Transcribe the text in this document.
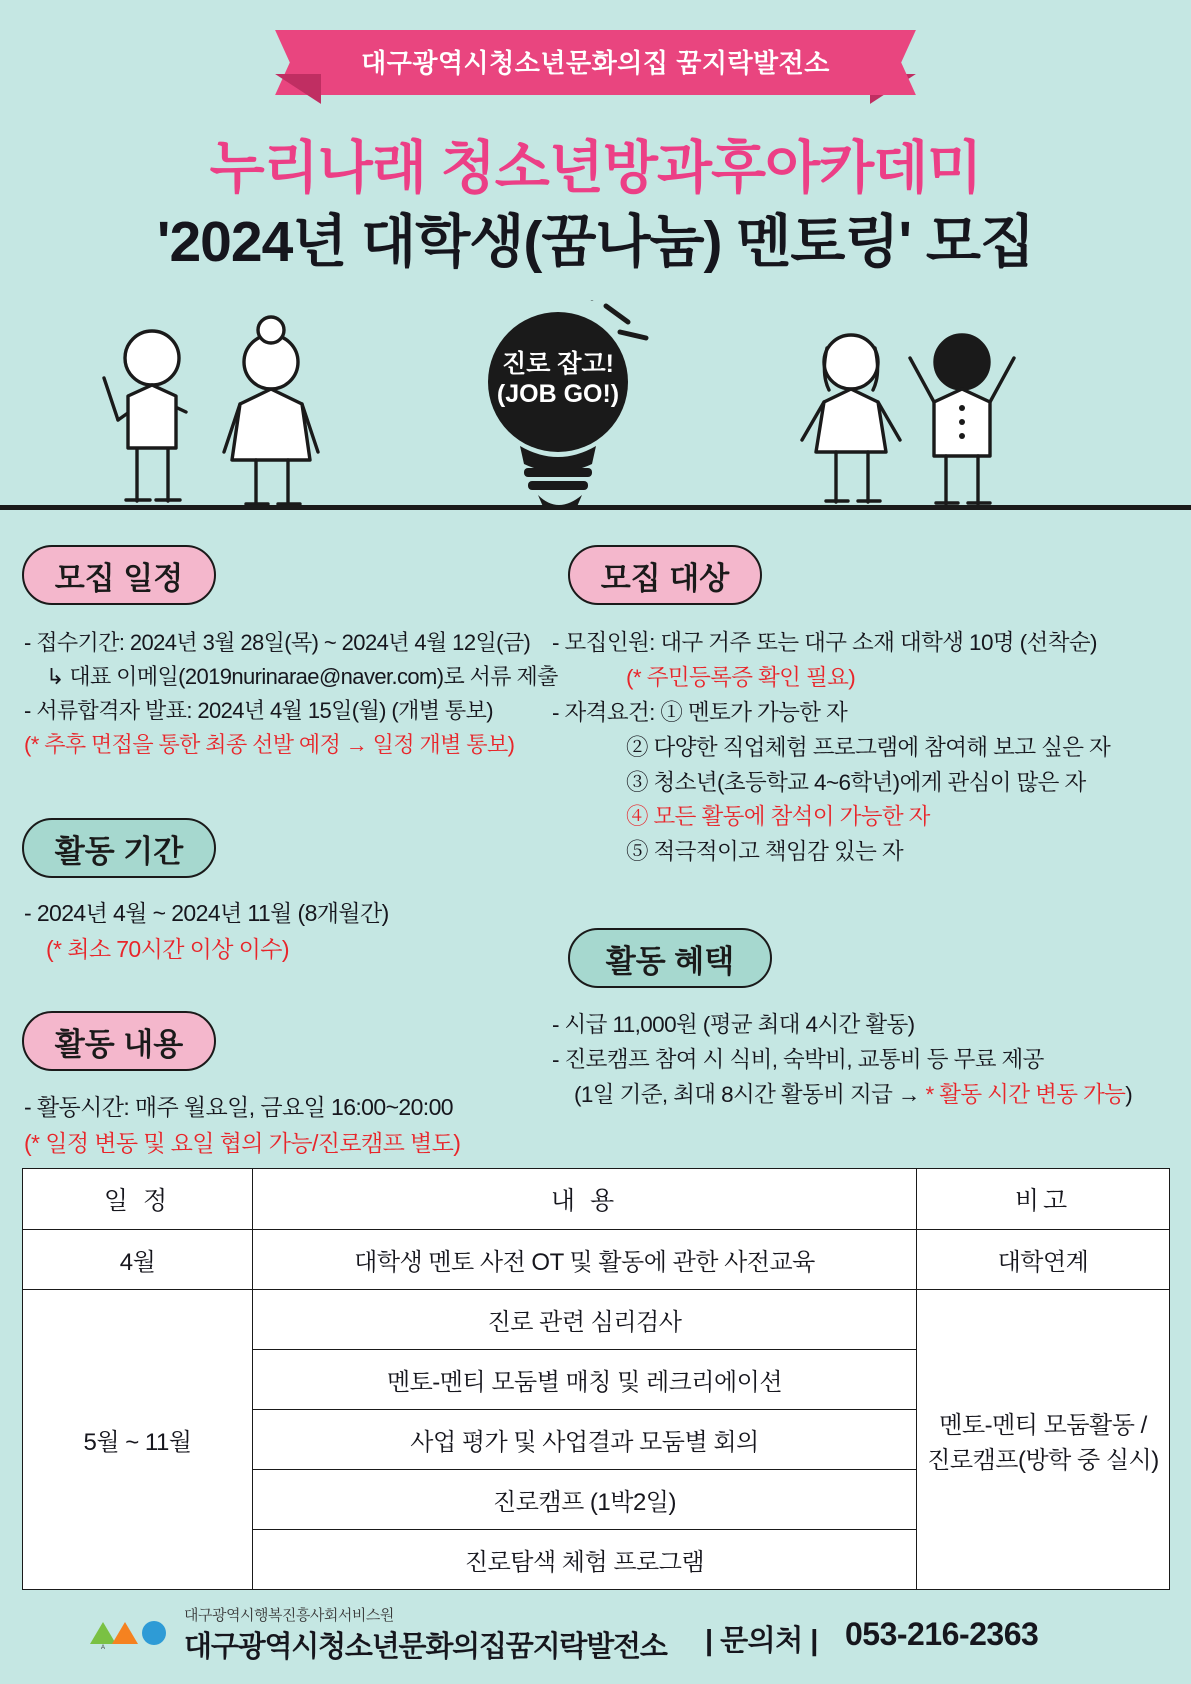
대구광역시청소년문화의집 꿈지락발전소
누리나래 청소년방과후아카데미
'2024년 대학생(꿈나눔) 멘토링' 모집
진로 잡고!
(JOB GO!)
모집 일정	모집 대상
활동 기간
활동 혜택
활동 내용
- 접수기간: 2024년 3월 28일(목) ~ 2024년 4월 12일(금)
↳ 대표 이메일(2019nurinarae@naver.com)로 서류 제출
- 서류합격자 발표: 2024년 4월 15일(월) (개별 통보)
(* 추후 면접을 통한 최종 선발 예정 → 일정 개별 통보)
- 2024년 4월 ~ 2024년 11월 (8개월간)
(* 최소 70시간 이상 이수)
- 활동시간: 매주 월요일, 금요일 16:00~20:00
(* 일정 변동 및 요일 협의 가능/진로캠프 별도)
- 모집인원: 대구 거주 또는 대구 소재 대학생 10명 (선착순)
(* 주민등록증 확인 필요)
- 자격요건: ① 멘토가 가능한 자
② 다양한 직업체험 프로그램에 참여해 보고 싶은 자
③ 청소년(초등학교 4~6학년)에게 관심이 많은 자
④ 모든 활동에 참석이 가능한 자
⑤ 적극적이고 책임감 있는 자
- 시급 11,000원 (평균 최대 4시간 활동)
- 진로캠프 참여 시 식비, 숙박비, 교통비 등 무료 제공
(1일 기준, 최대 8시간 활동비 지급 → * 활동 시간 변동 가능)
일 정	내 용	비고
4월	대학생 멘토 사전 OT 및 활동에 관한 사전교육	대학연계
5월 ~ 11월	진로 관련 심리검사	멘토-멘티 모둠활동 /
진로캠프(방학 중 실시)
	멘토-멘티 모둠별 매칭 및 레크리에이션	
	사업 평가 및 사업결과 모둠별 회의	
	진로캠프 (1박2일)	
	진로탐색 체험 프로그램	
A
대구광역시행복진흥사회서비스원
대구광역시청소년문화의집꿈지락발전소 | 문의처 | 053-216-2363
